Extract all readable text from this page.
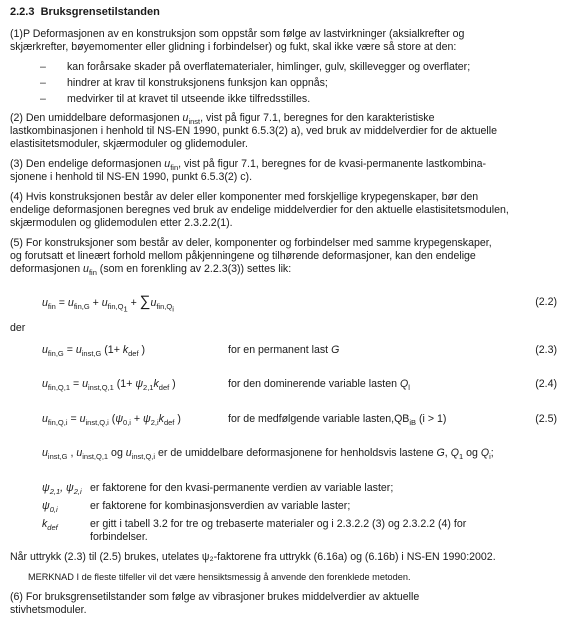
2.2.3 Bruksgrensetilstanden
(1)P Deformasjonen av en konstruksjon som oppstår som følge av lastvirkninger (aksialkrefter og
skjærkrefter, bøyemomenter eller glidning i forbindelser) og fukt, skal ikke være så store at den:
– kan forårsake skader på overflatematerialer, himlinger, gulv, skillevegger og overflater;
– hindrer at krav til konstruksjonens funksjon kan oppnås;
– medvirker til at kravet til utseende ikke tilfredsstilles.
(2) Den umiddelbare deformasjonen $u_{inst}$, vist på figur 7.1, beregnes for den karakteristiske
lastkombinasjonen i henhold til NS-EN 1990, punkt 6.5.3(2) a), ved bruk av middelverdier for de aktuelle
elastisitetsmoduler, skjærmoduler og glidemoduler.
(3) Den endelige deformasjonen $u_{fin}$, vist på figur 7.1, beregnes for de kvasi-permanente lastkombina-
sjonene i henhold til NS-EN 1990, punkt 6.5.3(2) c).
(4) Hvis konstruksjonen består av deler eller komponenter med forskjellige krypegenskaper, bør den
endelige deformasjonen beregnes ved bruk av endelige middelverdier for den aktuelle elastisitetsmodulen,
skjærmodulen og glidemodulen etter 2.3.2.2(1).
(5) For konstruksjoner som består av deler, komponenter og forbindelser med samme krypegenskaper,
og forutsatt et lineært forhold mellom påkjenningene og tilhørende deformasjoner, kan den endelige
deformasjonen $u_{fin}$ (som en forenkling av 2.2.3(3)) settes lik:
$u_{fin} = u_{fin,G} + u_{fin,Q_1} + \sum u_{fin,Q_i}$
(2.2)
der
$u_{fin,G} = u_{inst,G}$ ($1+ k_{def}$ )	for en permanent last G	(2.3)
$u_{fin,Q,1} = u_{inst,Q,1}$ ($1+ \psi_{2,1}k_{def}$ )	for den dominerende variable lasten $Q_l$	(2.4)
$u_{fin,Q,i} = u_{inst,Q,i}$ ($\psi_{0,i} + \psi_{2,i}k_{def}$ )	for de medfølgende variable $lasten,QB_{iB}$ (i > 1)	(2.5)
$u_{inst,G}$ , $u_{inst,Q,1}$ og $u_{inst,Q,i}$ er de umiddelbare deformasjonene for henholdsvis lastene G, $Q_1$ og $Q_i$;
$\psi_{2,1}$, $\psi_{2,i}$ er faktorene for den kvasi-permanente verdien av variable laster;
$\psi_{0,i}$	er faktorene for kombinasjonsverdien av variable laster;
$k_{def}$	er gitt i tabell 3.2 for tre og trebaserte materialer og i 2.3.2.2 (3) og 2.3.2.2 (4) for
forbindelser.
Når uttrykk (2.3) til (2.5) brukes, utelates ψ₂-faktorene fra uttrykk (6.16a) og (6.16b) i NS-EN 1990:2002.
MERKNAD I de fleste tilfeller vil det være hensiktsmessig å anvende den forenklede metoden.
(6) For bruksgrensetilstander som følge av vibrasjoner brukes middelverdier av aktuelle
stivhetsmoduler.
